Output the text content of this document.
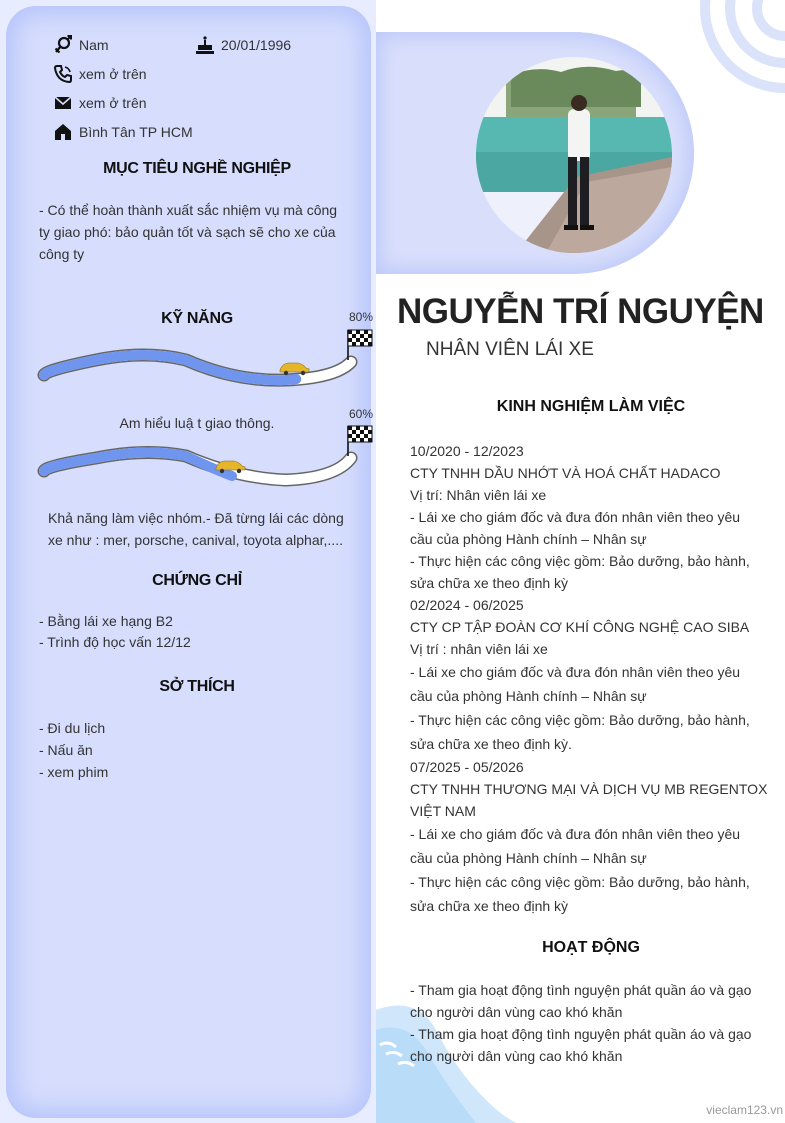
Nam	20/01/1996
xem ở trên
xem ở trên
Bình Tân TP HCM
MỤC TIÊU NGHỀ NGHIỆP
- Có thể hoàn thành xuất sắc nhiệm vụ mà công
ty giao phó: bảo quản tốt và sạch sẽ cho xe của
công ty
KỸ NĂNG	80%
Am hiểu luậ t giao thông.
60%
Khả năng làm việc nhóm.- Đã từng lái các dòng
xe như : mer, porsche, canival, toyota alphar,....
CHỨNG CHỈ
- Bằng lái xe hạng B2
- Trình độ học vấn 12/12
SỞ THÍCH
- Đi du lịch
- Nấu ăn
- xem phim
NGUYỄN TRÍ NGUYỆN
NHÂN VIÊN LÁI XE
KINH NGHIỆM LÀM VIỆC
10/2020 - 12/2023
CTY TNHH DẦU NHỚT VÀ HOÁ CHẤT HADACO
Vị trí: Nhân viên lái xe
- Lái xe cho giám đốc và đưa đón nhân viên theo yêu
cầu của phòng Hành chính – Nhân sự
- Thực hiện các công việc gồm: Bảo dưỡng, bảo hành,
sửa chữa xe theo định kỳ
02/2024 - 06/2025
CTY CP TẬP ĐOÀN CƠ KHÍ CÔNG NGHỆ CAO SIBA
Vị trí : nhân viên lái xe
- Lái xe cho giám đốc và đưa đón nhân viên theo yêu
cầu của phòng Hành chính – Nhân sự
- Thực hiện các công việc gồm: Bảo dưỡng, bảo hành,
sửa chữa xe theo định kỳ.
07/2025 - 05/2026
CTY TNHH THƯƠNG MẠI VÀ DỊCH VỤ MB REGENTOX
VIỆT NAM
- Lái xe cho giám đốc và đưa đón nhân viên theo yêu
cầu của phòng Hành chính – Nhân sự
- Thực hiện các công việc gồm: Bảo dưỡng, bảo hành,
sửa chữa xe theo định kỳ
HOẠT ĐỘNG
- Tham gia hoạt động tình nguyện phát quần áo và gạo
cho người dân vùng cao khó khăn
- Tham gia hoạt động tình nguyện phát quần áo và gạo
cho người dân vùng cao khó khăn
vieclam123.vn
